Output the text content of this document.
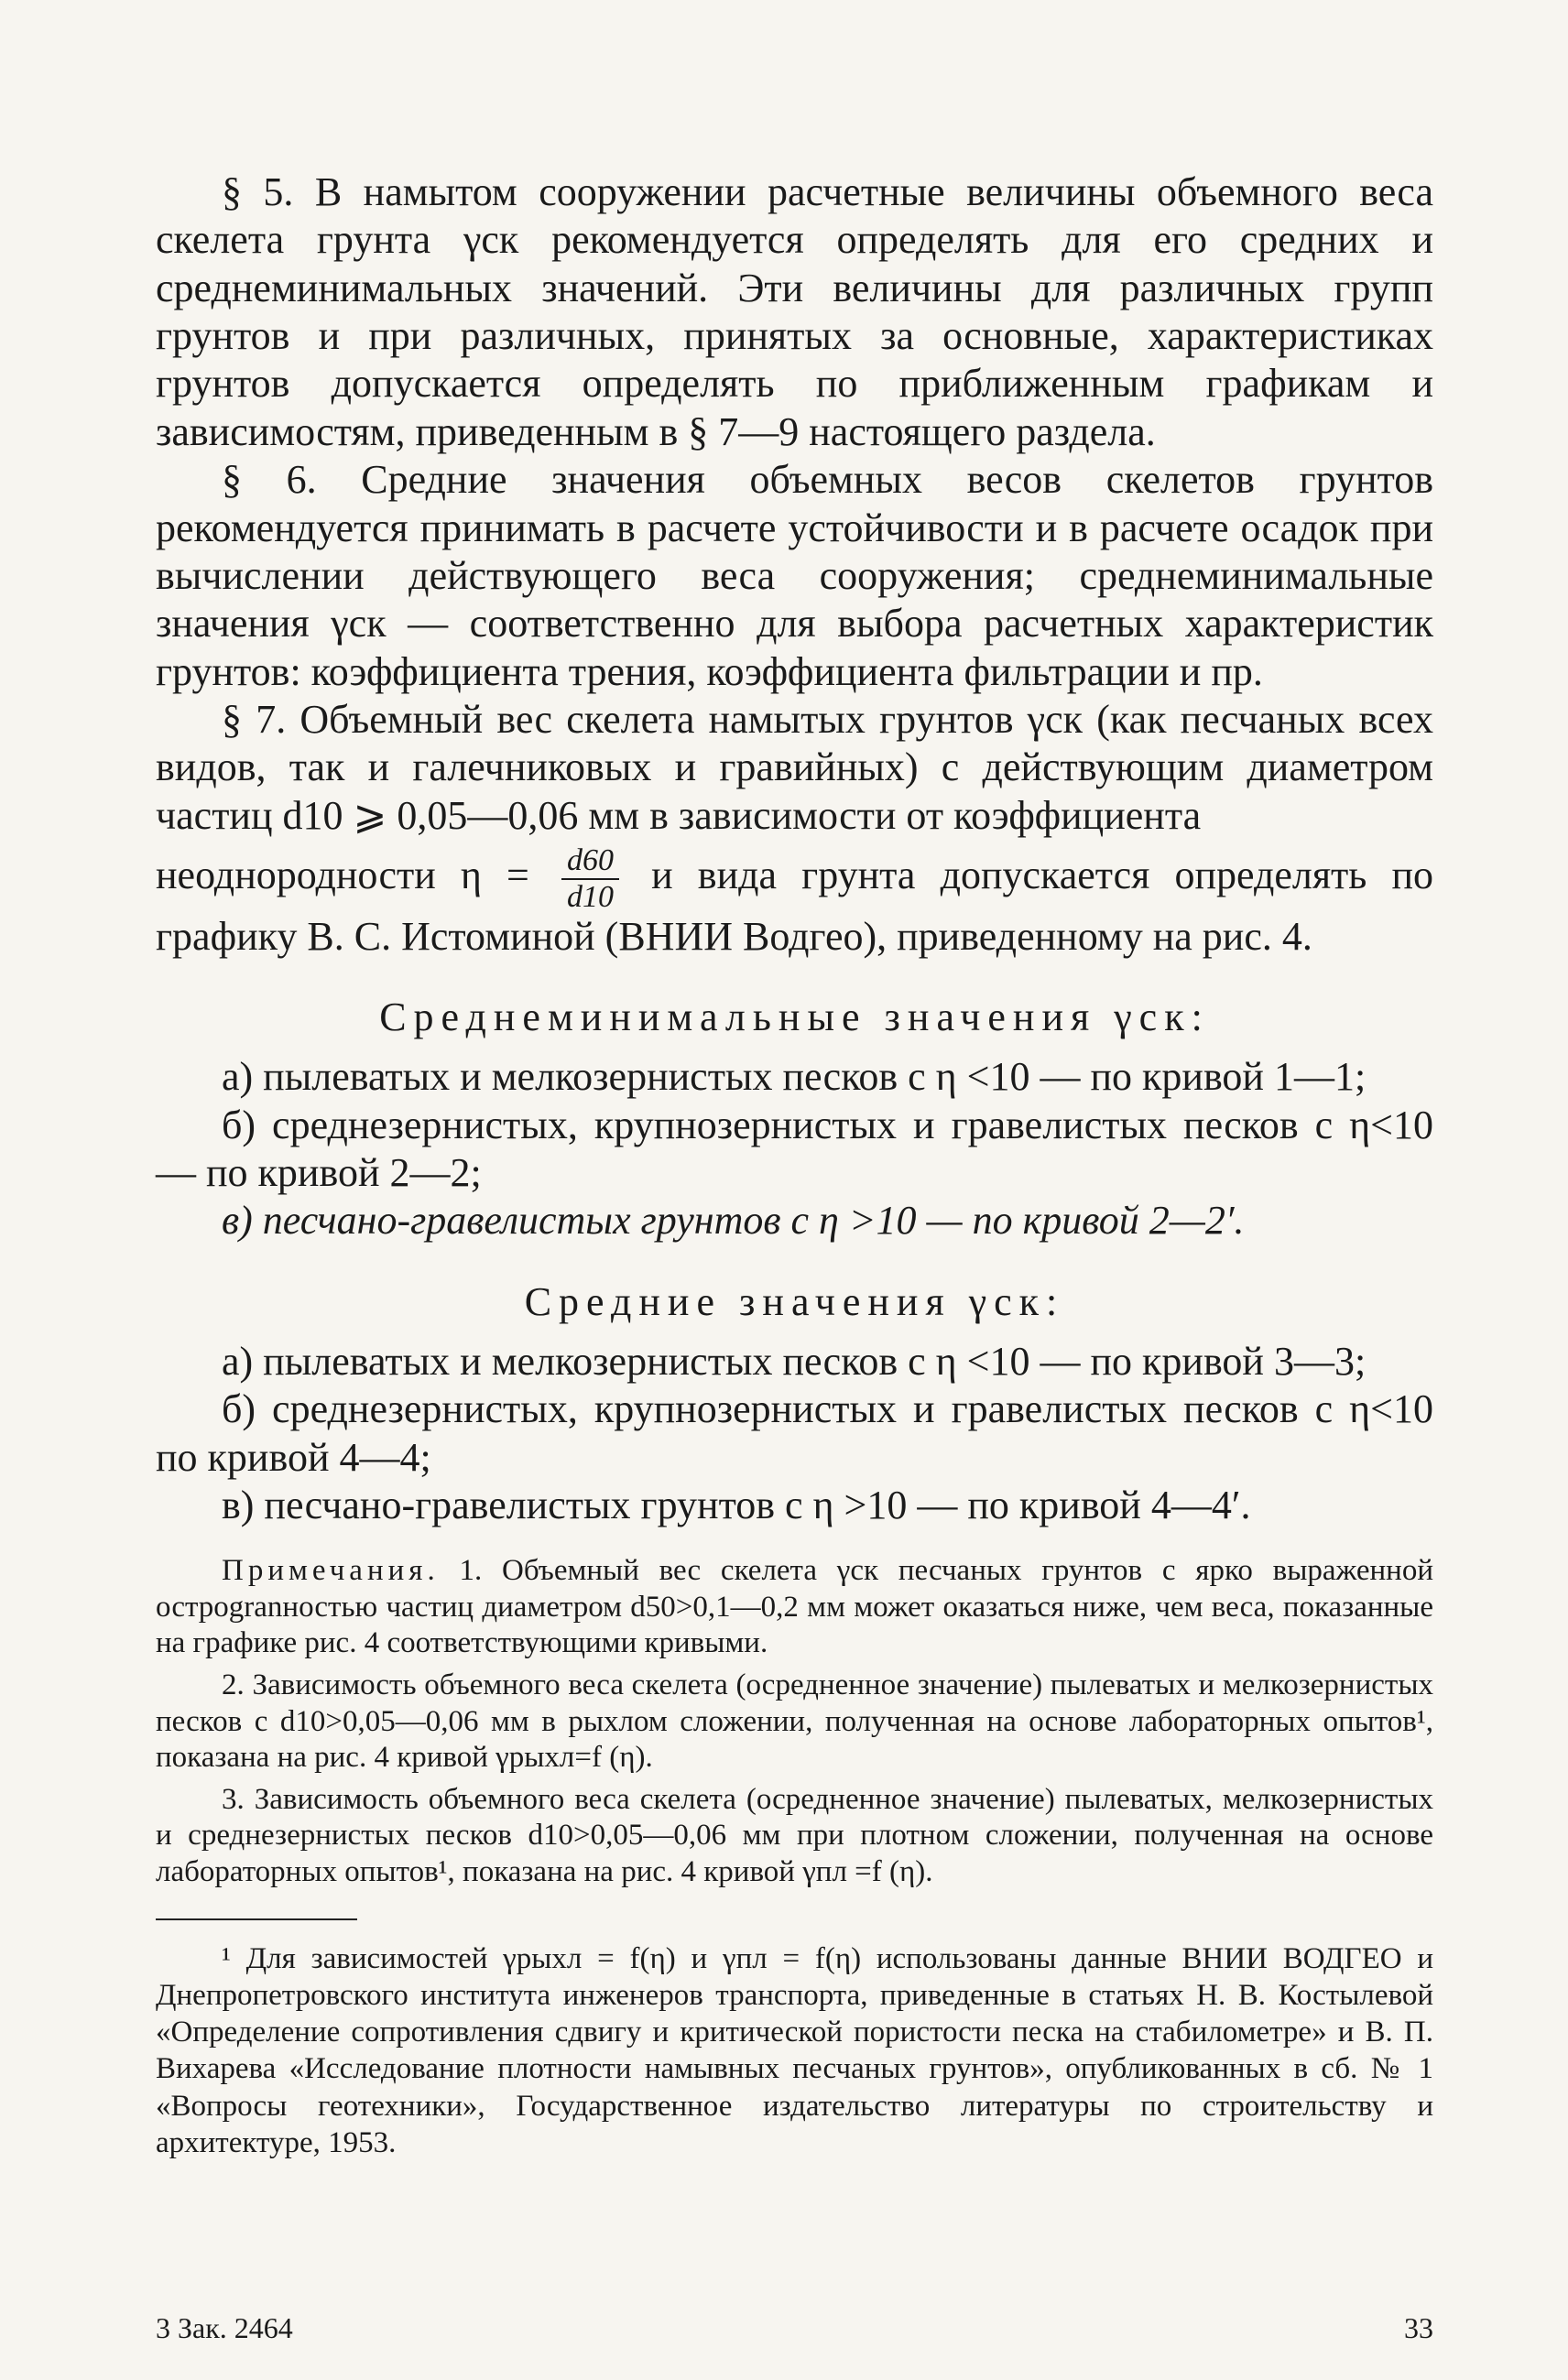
§ 5. В намытом сооружении расчетные величины объемного веса скелета грунта γск рекомендуется определять для его средних и среднеминимальных значений. Эти величины для различных групп грунтов и при различных, принятых за основные, характеристиках грунтов допускается определять по приближенным графикам и зависимостям, приведенным в § 7—9 настоящего раздела.

§ 6. Средние значения объемных весов скелетов грунтов рекомендуется принимать в расчете устойчивости и в расчете осадок при вычислении действующего веса сооружения; среднеминимальные значения γск — соответственно для выбора расчетных характеристик грунтов: коэффициента трения, коэффициента фильтрации и пр.

§ 7. Объемный вес скелета намытых грунтов γск (как песчаных всех видов, так и галечниковых и гравийных) с действующим диаметром частиц d10 ⩾ 0,05—0,06 мм в зависимости от коэффициента

неоднородности $\eta = \frac{d60}{d10}$ и вида грунта допускается определять по графику В. С. Истоминой (ВНИИ Водгео), приведенному на рис. 4.

Среднеминимальные значения γск:

а) пылеватых и мелкозернистых песков с η <10 — по кривой 1—1;

б) среднезернистых, крупнозернистых и гравелистых песков с η<10 — по кривой 2—2;

в) песчано-гравелистых грунтов с η >10 — по кривой 2—2′.

Средние значения γск:

а) пылеватых и мелкозернистых песков с η <10 — по кривой 3—3;

б) среднезернистых, крупнозернистых и гравелистых песков с η<10 по кривой 4—4;

в) песчано-гравелистых грунтов с η >10 — по кривой 4—4′.

Примечания. 1. Объемный вес скелета γск песчаных грунтов с ярко выраженной остроgranностью частиц диаметром d50>0,1—0,2 мм может оказаться ниже, чем веса, показанные на графике рис. 4 соответствующими кривыми.

2. Зависимость объемного веса скелета (осредненное значение) пылеватых и мелкозернистых песков с d10>0,05—0,06 мм в рыхлом сложении, полученная на основе лабораторных опытов¹, показана на рис. 4 кривой γрыхл=f (η).

3. Зависимость объемного веса скелета (осредненное значение) пылеватых, мелкозернистых и среднезернистых песков d10>0,05—0,06 мм при плотном сложении, полученная на основе лабораторных опытов¹, показана на рис. 4 кривой γпл =f (η).

¹ Для зависимостей γрыхл = f(η) и γпл = f(η) использованы данные ВНИИ ВОДГЕО и Днепропетровского института инженеров транспорта, приведенные в статьях Н. В. Костылевой «Определение сопротивления сдвигу и критической пористости песка на стабилометре» и В. П. Вихарева «Исследование плотности намывных песчаных грунтов», опубликованных в сб. № 1 «Вопросы геотехники», Государственное издательство литературы по строительству и архитектуре, 1953.

3 Зак. 2464	33
